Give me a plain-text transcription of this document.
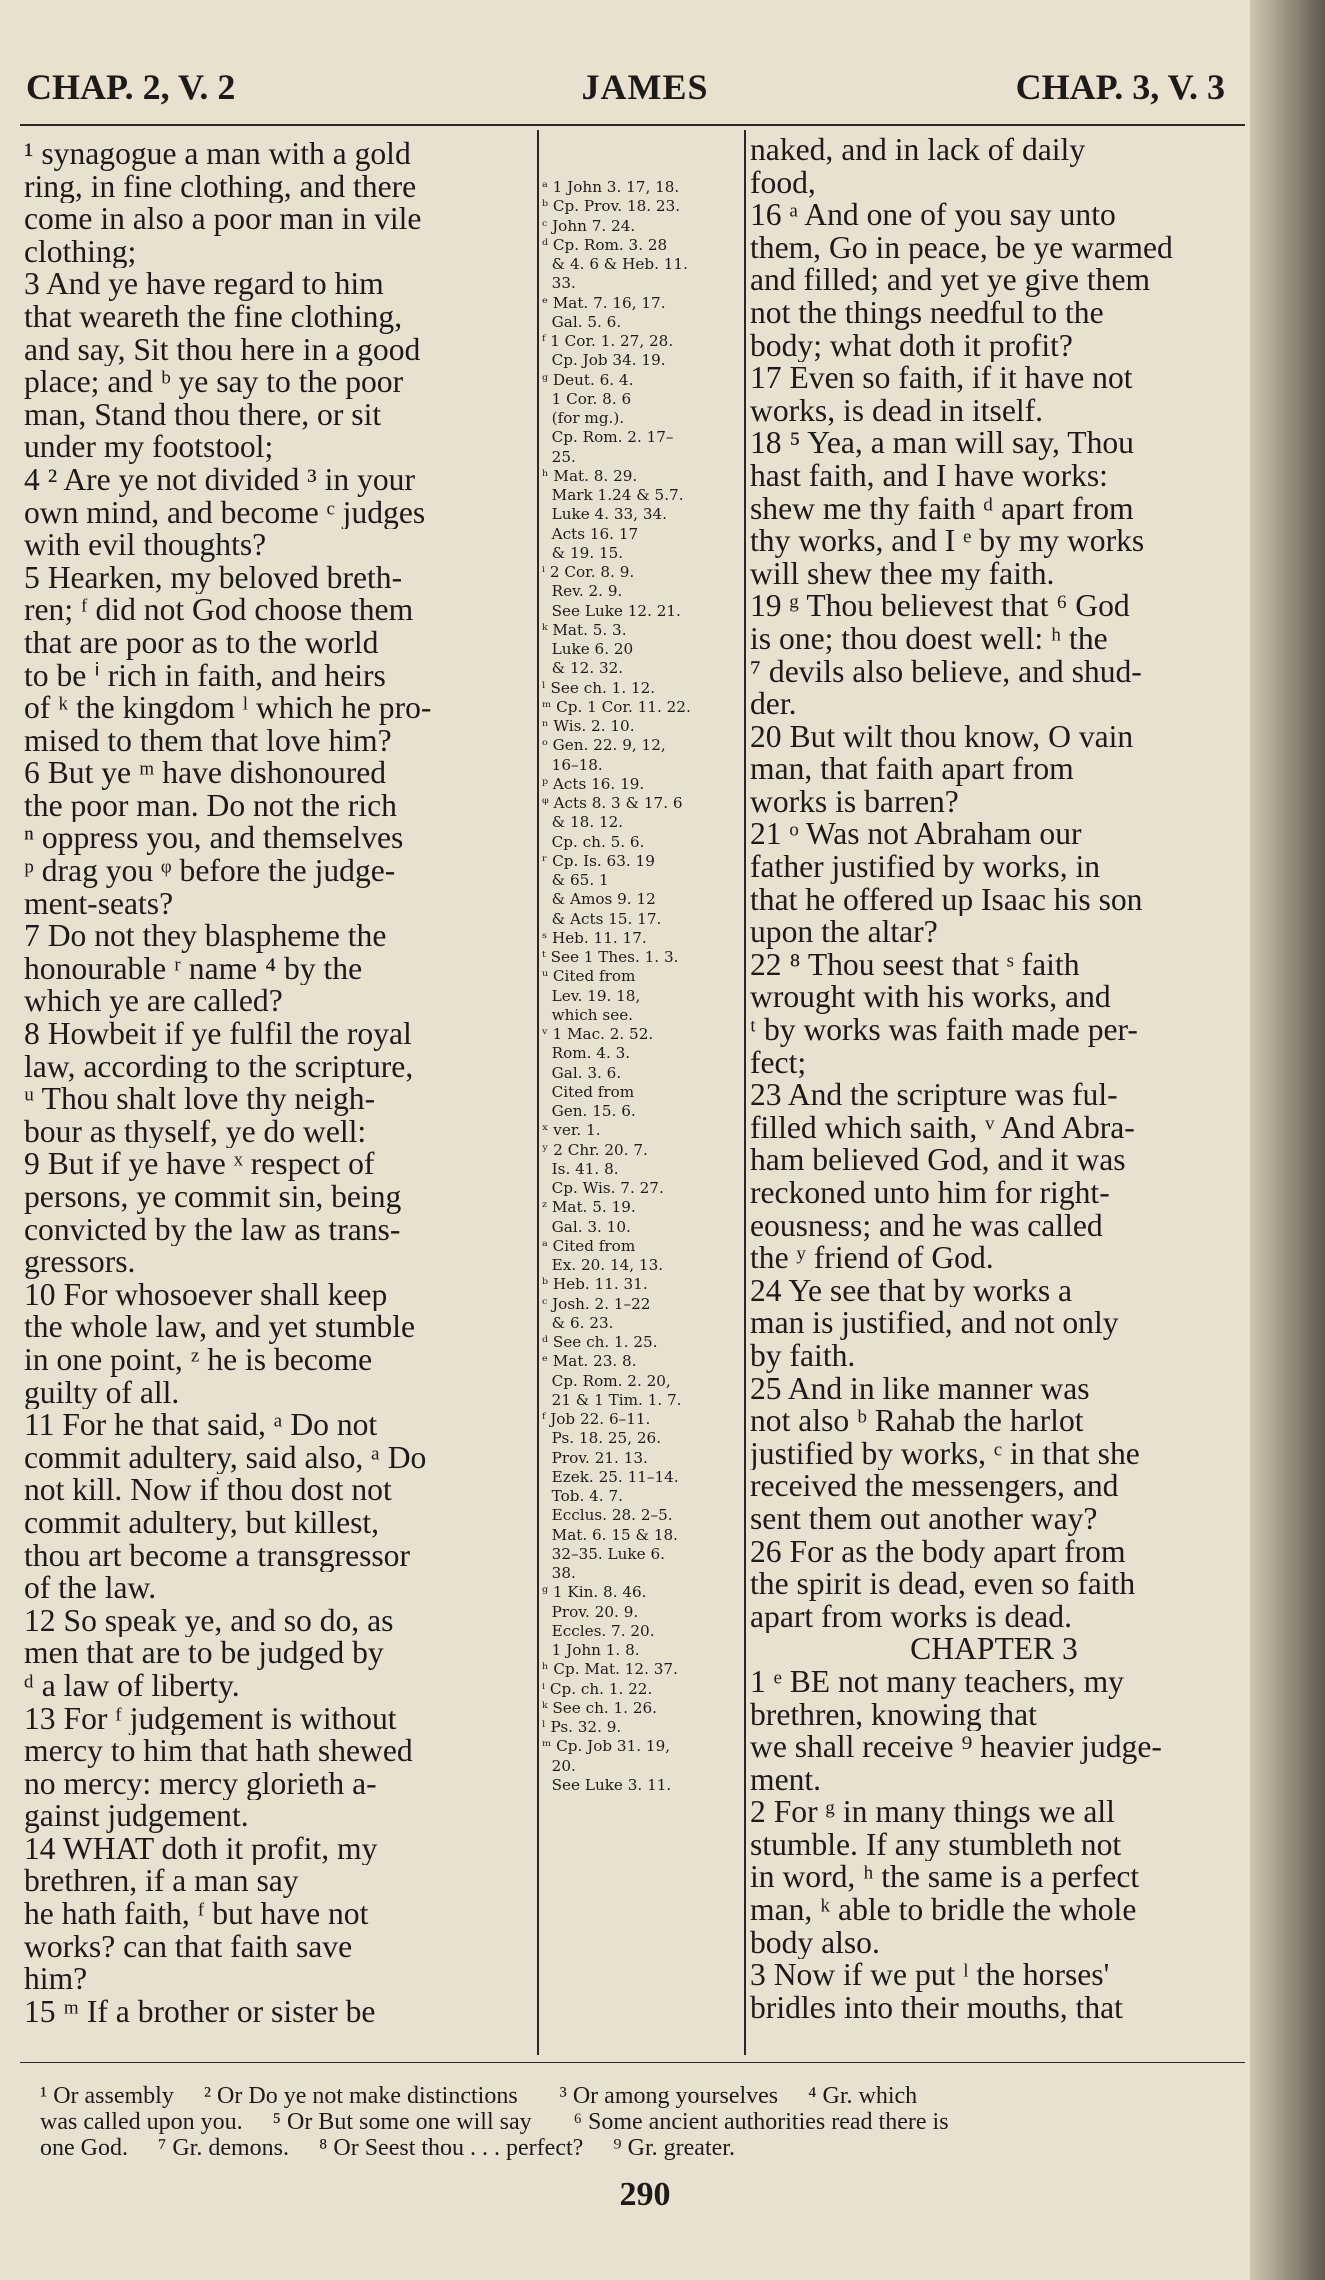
CHAP. 2, V. 2	JAMES	CHAP. 3, V. 3
¹ synagogue a man with a gold
ring, in fine clothing, and there
come in also a poor man in vile
clothing;
3 And ye have regard to him
that weareth the fine clothing,
and say, Sit thou here in a good
place; and ᵇ ye say to the poor
man, Stand thou there, or sit
under my footstool;
4 ² Are ye not divided ³ in your
own mind, and become ᶜ judges
with evil thoughts?
5 Hearken, my beloved breth-
ren; ᶠ did not God choose them
that are poor as to the world
to be ⁱ rich in faith, and heirs
of ᵏ the kingdom ˡ which he pro-
mised to them that love him?
6 But ye ᵐ have dishonoured
the poor man. Do not the rich
ⁿ oppress you, and themselves
ᵖ drag you ᵠ before the judge-
ment-seats?
7 Do not they blaspheme the
honourable ʳ name ⁴ by the
which ye are called?
8 Howbeit if ye fulfil the royal
law, according to the scripture,
ᵘ Thou shalt love thy neigh-
bour as thyself, ye do well:
9 But if ye have ˣ respect of
persons, ye commit sin, being
convicted by the law as trans-
gressors.
10 For whosoever shall keep
the whole law, and yet stumble
in one point, ᶻ he is become
guilty of all.
11 For he that said, ᵃ Do not
commit adultery, said also, ᵃ Do
not kill. Now if thou dost not
commit adultery, but killest,
thou art become a transgressor
of the law.
12 So speak ye, and so do, as
men that are to be judged by
ᵈ a law of liberty.
13 For ᶠ judgement is without
mercy to him that hath shewed
no mercy: mercy glorieth a-
gainst judgement.
14 WHAT doth it profit, my
brethren, if a man say
he hath faith, ᶠ but have not
works? can that faith save
him?
15 ᵐ If a brother or sister be
ᵃ 1 John 3. 17, 18.
ᵇ Cp. Prov. 18. 23.
ᶜ John 7. 24.
ᵈ Cp. Rom. 3. 28
& 4. 6 & Heb. 11.
33.
ᵉ Mat. 7. 16, 17.
Gal. 5. 6.
ᶠ 1 Cor. 1. 27, 28.
Cp. Job 34. 19.
ᵍ Deut. 6. 4.
1 Cor. 8. 6
(for mg.).
Cp. Rom. 2. 17–
25.
ʰ Mat. 8. 29.
Mark 1.24 & 5.7.
Luke 4. 33, 34.
Acts 16. 17
& 19. 15.
ⁱ 2 Cor. 8. 9.
Rev. 2. 9.
See Luke 12. 21.
ᵏ Mat. 5. 3.
Luke 6. 20
& 12. 32.
ˡ See ch. 1. 12.
ᵐ Cp. 1 Cor. 11. 22.
ⁿ Wis. 2. 10.
ᵒ Gen. 22. 9, 12,
16–18.
ᵖ Acts 16. 19.
ᵠ Acts 8. 3 & 17. 6
& 18. 12.
Cp. ch. 5. 6.
ʳ Cp. Is. 63. 19
& 65. 1
& Amos 9. 12
& Acts 15. 17.
ˢ Heb. 11. 17.
ᵗ See 1 Thes. 1. 3.
ᵘ Cited from
Lev. 19. 18,
which see.
ᵛ 1 Mac. 2. 52.
Rom. 4. 3.
Gal. 3. 6.
Cited from
Gen. 15. 6.
ˣ ver. 1.
ʸ 2 Chr. 20. 7.
Is. 41. 8.
Cp. Wis. 7. 27.
ᶻ Mat. 5. 19.
Gal. 3. 10.
ᵃ Cited from
Ex. 20. 14, 13.
ᵇ Heb. 11. 31.
ᶜ Josh. 2. 1–22
& 6. 23.
ᵈ See ch. 1. 25.
ᵉ Mat. 23. 8.
Cp. Rom. 2. 20,
21 & 1 Tim. 1. 7.
ᶠ Job 22. 6–11.
Ps. 18. 25, 26.
Prov. 21. 13.
Ezek. 25. 11–14.
Tob. 4. 7.
Ecclus. 28. 2–5.
Mat. 6. 15 & 18.
32–35. Luke 6.
38.
ᵍ 1 Kin. 8. 46.
Prov. 20. 9.
Eccles. 7. 20.
1 John 1. 8.
ʰ Cp. Mat. 12. 37.
ⁱ Cp. ch. 1. 22.
ᵏ See ch. 1. 26.
ˡ Ps. 32. 9.
ᵐ Cp. Job 31. 19,
20.
See Luke 3. 11.
naked, and in lack of daily
food,
16 ᵃ And one of you say unto
them, Go in peace, be ye warmed
and filled; and yet ye give them
not the things needful to the
body; what doth it profit?
17 Even so faith, if it have not
works, is dead in itself.
18 ⁵ Yea, a man will say, Thou
hast faith, and I have works:
shew me thy faith ᵈ apart from
thy works, and I ᵉ by my works
will shew thee my faith.
19 ᵍ Thou believest that ⁶ God
is one; thou doest well: ʰ the
⁷ devils also believe, and shud-
der.
20 But wilt thou know, O vain
man, that faith apart from
works is barren?
21 ᵒ Was not Abraham our
father justified by works, in
that he offered up Isaac his son
upon the altar?
22 ⁸ Thou seest that ˢ faith
wrought with his works, and
ᵗ by works was faith made per-
fect;
23 And the scripture was ful-
filled which saith, ᵛ And Abra-
ham believed God, and it was
reckoned unto him for right-
eousness; and he was called
the ʸ friend of God.
24 Ye see that by works a
man is justified, and not only
by faith.
25 And in like manner was
not also ᵇ Rahab the harlot
justified by works, ᶜ in that she
received the messengers, and
sent them out another way?
26 For as the body apart from
the spirit is dead, even so faith
apart from works is dead.
CHAPTER 3
1 ᵉ BE not many teachers, my
brethren, knowing that
we shall receive ⁹ heavier judge-
ment.
2 For ᵍ in many things we all
stumble. If any stumbleth not
in word, ʰ the same is a perfect
man, ᵏ able to bridle the whole
body also.
3 Now if we put ˡ the horses'
bridles into their mouths, that
¹ Or assembly     ² Or Do ye not make distinctions       ³ Or among yourselves     ⁴ Gr. which
was called upon you.     ⁵ Or But some one will say       ⁶ Some ancient authorities read there is
one God.     ⁷ Gr. demons.     ⁸ Or Seest thou . . . perfect?     ⁹ Gr. greater.
290
